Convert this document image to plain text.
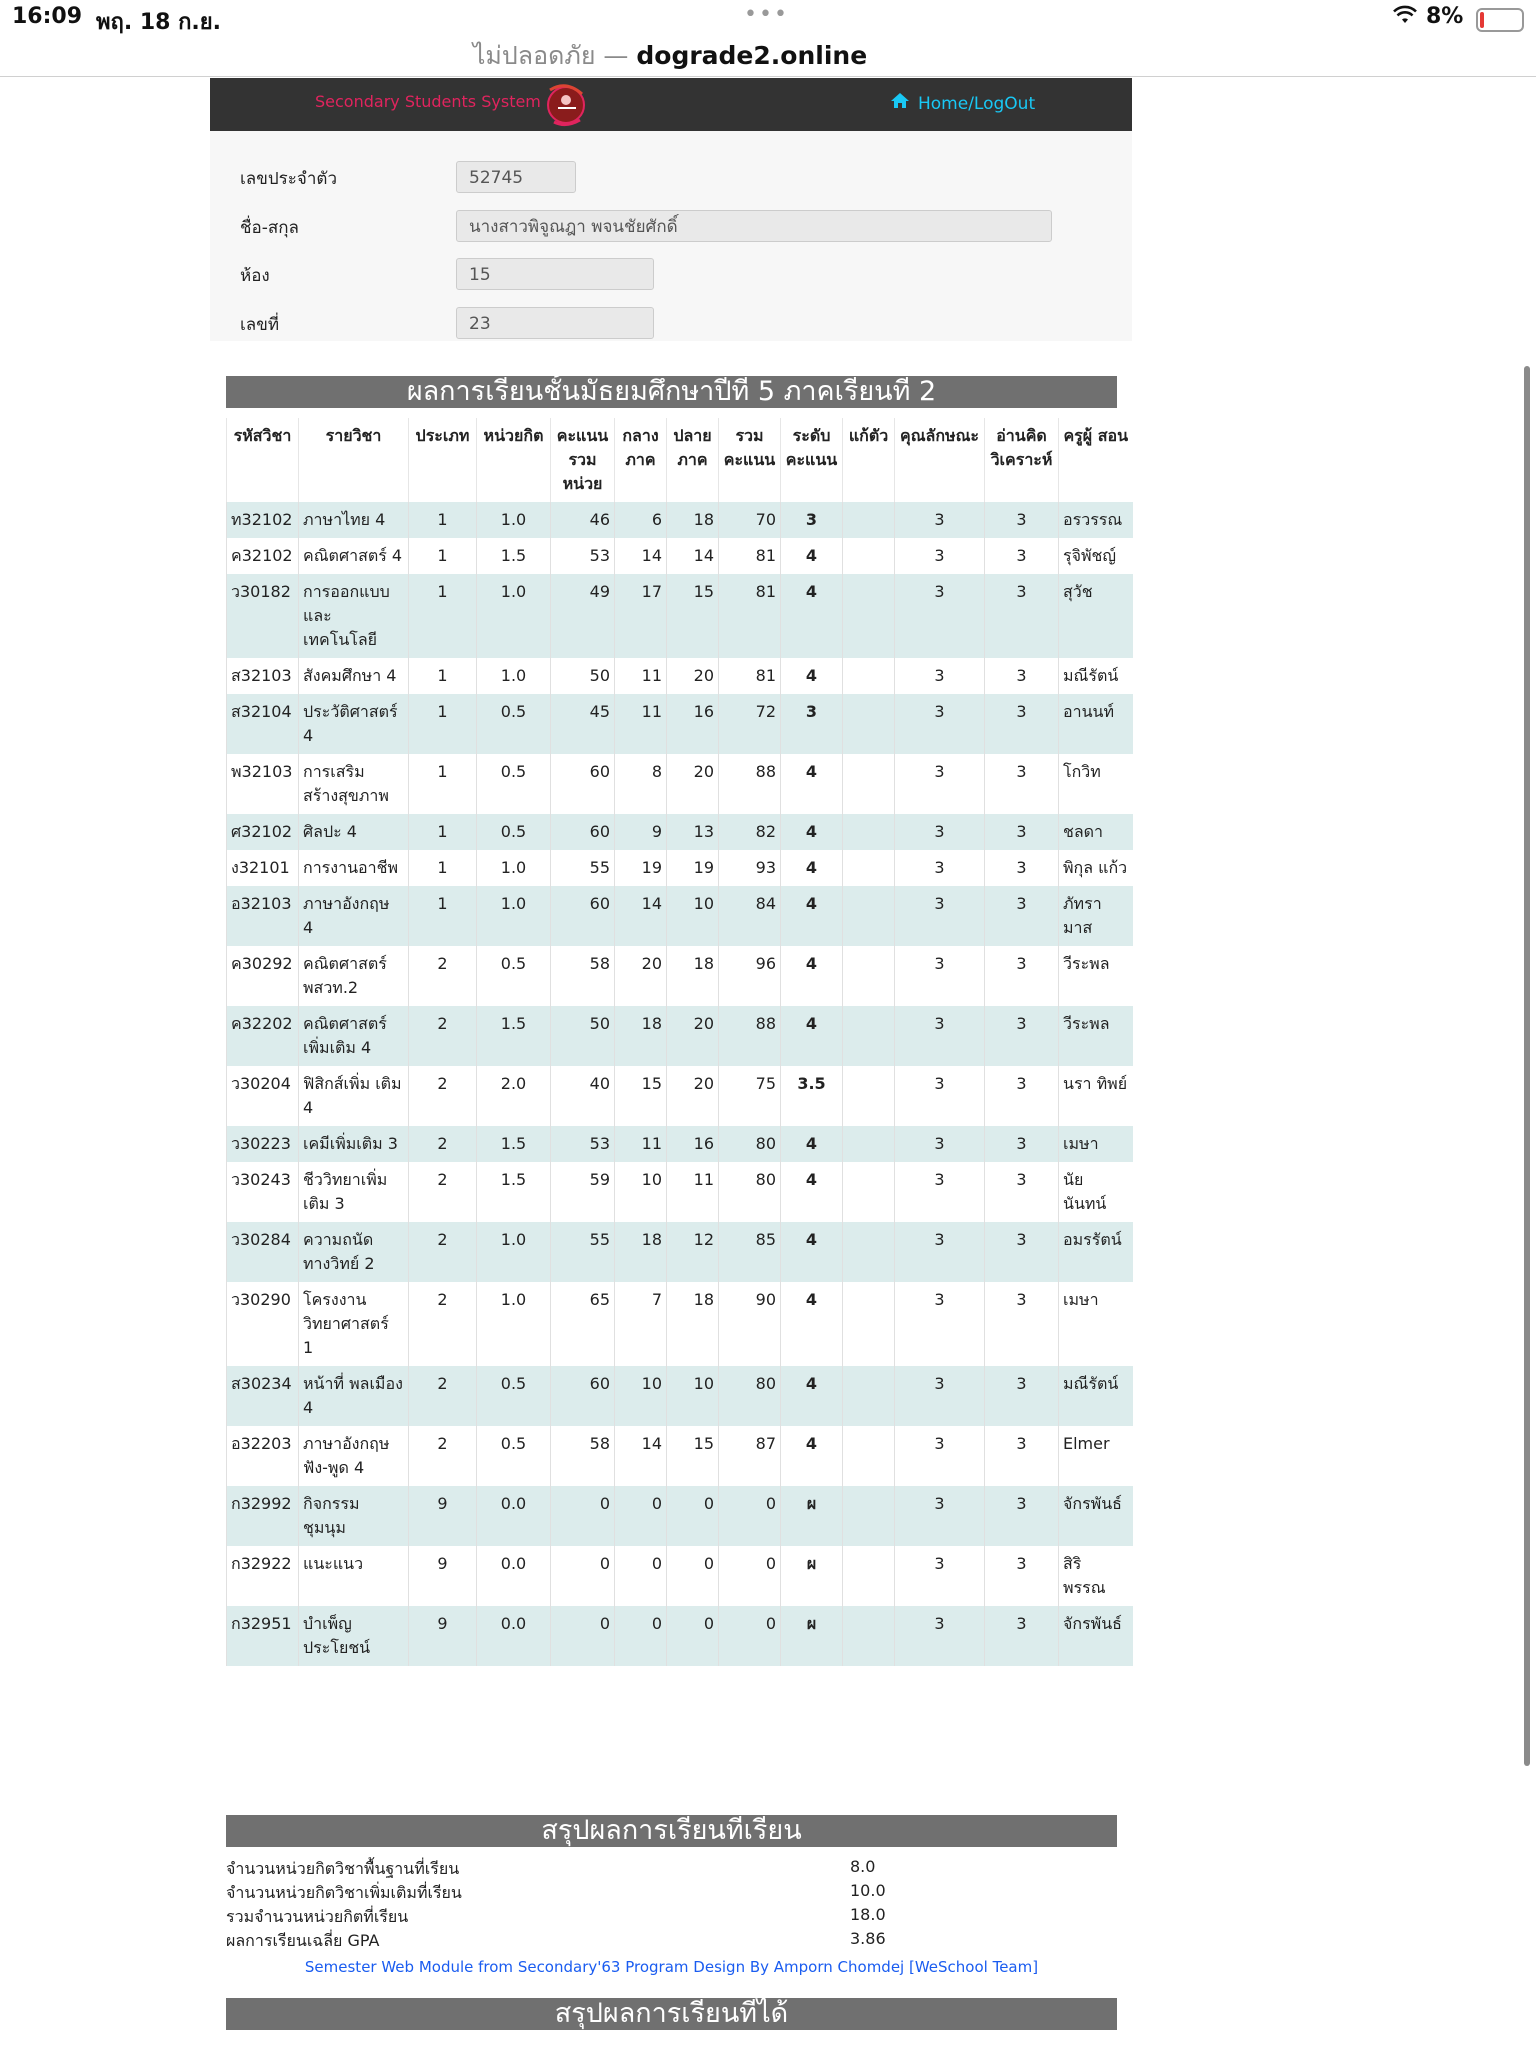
16:09 พฤ. 18 ก.ย.	•••	8%
ไม่ปลอดภัย — dograde2.online
Secondary Students System	Home/LogOut
เลขประจำตัว	52745
ชื่อ-สกุล	นางสาวพิจูณฎา พจนชัยศักดิ์
ห้อง	15
เลขที่	23
ผลการเรียนชั้นมัธยมศึกษาปีที่ 5 ภาคเรียนที่ 2
รหัสวิชา	รายวิชา	ประเภท	หน่วยกิต	คะแนน รวม หน่วย	กลาง ภาค	ปลาย ภาค	รวม คะแนน	ระดับ คะแนน	แก้ตัว	คุณลักษณะ	อ่านคิด วิเคราะห์	ครูผู้ สอน
ท32102	ภาษาไทย 4	1	1.0	46	6	18	70	3		3	3	อรวรรณ
ค32102	คณิตศาสตร์ 4	1	1.5	53	14	14	81	4		3	3	รุจิพัชญ์
ว30182	การออกแบบและ เทคโนโลยี	1	1.0	49	17	15	81	4		3	3	สุวัช
ส32103	สังคมศึกษา 4	1	1.0	50	11	20	81	4		3	3	มณีรัตน์
ส32104	ประวัติศาสตร์ 4	1	0.5	45	11	16	72	3		3	3	อานนท์
พ32103	การเสริม สร้างสุขภาพ	1	0.5	60	8	20	88	4		3	3	โกวิท
ศ32102	ศิลปะ 4	1	0.5	60	9	13	82	4		3	3	ชลดา
ง32101	การงานอาชีพ	1	1.0	55	19	19	93	4		3	3	พิกุล แก้ว
อ32103	ภาษาอังกฤษ 4	1	1.0	60	14	10	84	4		3	3	ภัทรา มาส
ค30292	คณิตศาสตร์ พสวท.2	2	0.5	58	20	18	96	4		3	3	วีระพล
ค32202	คณิตศาสตร์ เพิ่มเติม 4	2	1.5	50	18	20	88	4		3	3	วีระพล
ว30204	ฟิสิกส์เพิ่ม เติม 4	2	2.0	40	15	20	75	3.5		3	3	นรา ทิพย์
ว30223	เคมีเพิ่มเติม 3	2	1.5	53	11	16	80	4		3	3	เมษา
ว30243	ชีววิทยาเพิ่ม เติม 3	2	1.5	59	10	11	80	4		3	3	นัย นันทน์
ว30284	ความถนัด ทางวิทย์ 2	2	1.0	55	18	12	85	4		3	3	อมรรัตน์
ว30290	โครงงาน วิทยาศาสตร์ 1	2	1.0	65	7	18	90	4		3	3	เมษา
ส30234	หน้าที่ พลเมือง 4	2	0.5	60	10	10	80	4		3	3	มณีรัตน์
อ32203	ภาษาอังกฤษ ฟัง-พูด 4	2	0.5	58	14	15	87	4		3	3	Elmer
ก32992	กิจกรรม ชุมนุม	9	0.0	0	0	0	0	ผ		3	3	จักรพันธ์
ก32922	แนะแนว	9	0.0	0	0	0	0	ผ		3	3	สิริ พรรณ
ก32951	บำเพ็ญ ประโยชน์	9	0.0	0	0	0	0	ผ		3	3	จักรพันธ์
สรุปผลการเรียนที่เรียน
จำนวนหน่วยกิตวิชาพื้นฐานที่เรียน	8.0
จำนวนหน่วยกิตวิชาเพิ่มเติมที่เรียน	10.0
รวมจำนวนหน่วยกิตที่เรียน	18.0
ผลการเรียนเฉลี่ย GPA	3.86
Semester Web Module from Secondary'63 Program Design By Amporn Chomdej [WeSchool Team]
สรุปผลการเรียนที่ได้
